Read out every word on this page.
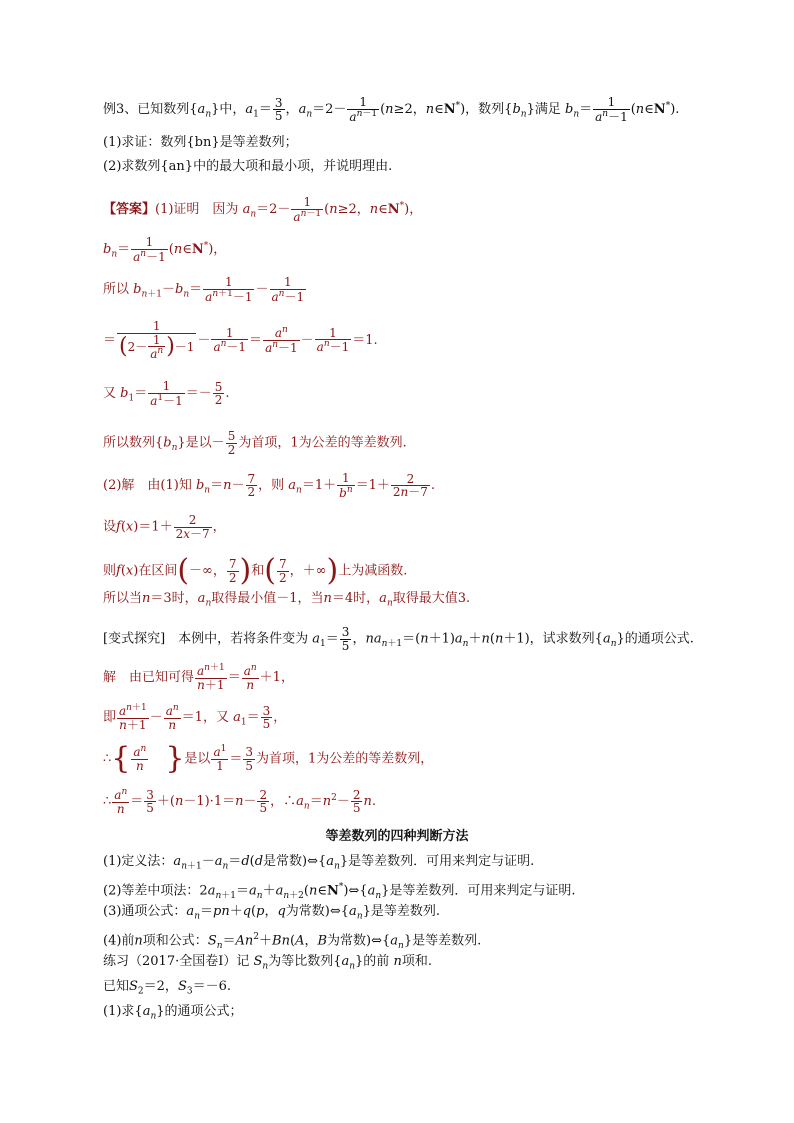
例3、已知数列$\{a_n\}$中，$a_1= \frac{3}{5}$ ，$a_n=2- \frac{1}{a^{n-1}} (n\ge 2$，n∈N*)，数列$\{b_n\}$满足 $b_n= \frac{1}{a^n-1}$ (n∈N*).
(1)求证：数列{bn}是等差数列；
(2)求数列{an}中的最大项和最小项，并说明理由.
【答案】(1)证明　因为 $a_n=2- \frac{1}{a^{n-1}} (n\ge 2$，n∈N*)，
$b_n= \frac{1}{a^n-1}$ (n∈N*)，
所以 $b_{n+1}-b_n= \frac{1}{a^{n+1}-1} - \frac{1}{a^n-1}$
＝ $\frac{1}{(2- \frac{1}{a^n} )-1} - \frac{1}{a^n-1} = \frac{a^n}{a^n-1} - \frac{1}{a^n-1} =1$.
又 $b_1= \frac{1}{a^1-1} =- \frac{5}{2}$ .
所以数列$\{b_n\}$是以－ $\frac{5}{2}$ 为首项，1为公差的等差数列.
(2)解　由(1)知 $b_n=n- \frac{7}{2}$ ，则 $a_n=1+ \frac{1}{b^n} =1+ \frac{2}{2n-7}$ .
设$f(x)=1+ \frac{2}{2x-7}$ ，
则f(x)在区间(－∞， $\frac{7}{2}$ )和( $\frac{7}{2}$ ，＋∞)上为减函数.
所以当n＝3时，$a_n$取得最小值－1，当n＝4时，$a_n$取得最大值3.
[变式探究]　本例中，若将条件变为 $a_1= \frac{3}{5}$ ，$na_{n+1}=(n+1)a_n+n(n+1)$，试求数列$\{a_n\}$的通项公式.
解　由已知可得 $\frac{a^{n+1}}{n+1} = \frac{a^n}{n} +1$，
即 $\frac{a^{n+1}}{n+1} - \frac{a^n}{n} =1$，又 $a_1= \frac{3}{5}$ ，
∴{ $\frac{a^n}{n}$ }是以 $\frac{a^1}{1} = \frac{3}{5}$ 为首项，1为公差的等差数列，
∴ $\frac{a^n}{n} = \frac{3}{5} +(n-1)\cdot 1=n- \frac{2}{5}$ ，$\therefore a_n=n^2- \frac{2}{5} n$.
等差数列的四种判断方法
(1)定义法：$a_{n+1}-a_n=d(d$是常数)$\Leftrightarrow\{a_n\}$是等差数列．可用来判定与证明.
(2)等差中项法：$2a_{n+1}=a_n+a_{n+2}(n\in N^*)\Leftrightarrow\{a_n\}$是等差数列．可用来判定与证明.
(3)通项公式：$a_n=pn+q(p$，q为常数)$\Leftrightarrow\{a_n\}$是等差数列.
(4)前n项和公式：$S_n=An^2+Bn(A$，B为常数)$\Leftrightarrow\{a_n\}$是等差数列.
练习（2017·全国卷Ⅰ）记 $S_n$为等比数列$\{a_n\}$的前 n项和.
已知$S_2=2$，$S_3=-6$.
(1)求$\{a_n\}$的通项公式；
